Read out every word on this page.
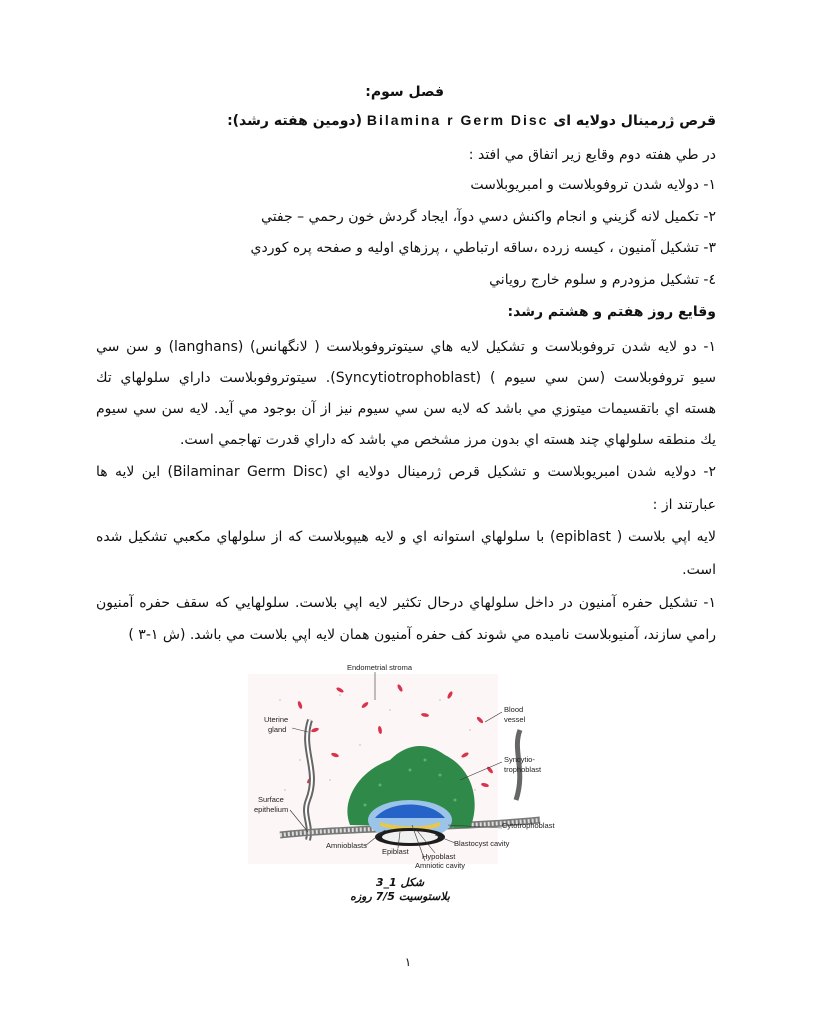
فصل سوم:
قرص ژرمینال دولایه ای Bilamina r Germ Disc (دومین هفته رشد):
در طي هفته دوم وقايع زير اتفاق مي افتد :
١- دولايه شدن تروفوبلاست و امبريوبلاست
٢- تكميل لانه گزيني و انجام واكنش دسي دوآ، ايجاد گردش خون رحمي – جفتي
٣- تشكيل آمنيون ، كيسه زرده ،ساقه ارتباطي ، پرزهاي اوليه و صفحه پره كوردي
٤- تشكيل مزودرم و سلوم خارج روياني
وقايع روز هفتم و هشتم رشد:
١- دو لايه شدن تروفوبلاست و تشكيل لايه هاي سيتوتروفوبلاست ( لانگهانس) (langhans) و سن سي
سيو تروفوبلاست (سن سي سيوم ) (Syncytiotrophoblast). سيتوتروفوبلاست داراي سلولهاي تك
هسته اي باتقسيمات ميتوزي مي باشد كه لايه سن سي سيوم نيز از آن بوجود مي آيد. لايه سن سي سيوم
يك منطقه سلولهاي چند هسته اي بدون مرز مشخص مي باشد كه داراي قدرت تهاجمي است.
٢- دولايه شدن امبريوبلاست و تشكيل قرص ژرمينال دولايه اي (Bilaminar Germ Disc) اين لايه ها
عبارتند از :
لايه اپي بلاست ( epiblast) با سلولهاي استوانه اي و لايه هيپوبلاست كه از سلولهاي مكعبي تشكيل شده
است.
١- تشكيل حفره آمنيون در داخل سلولهاي درحال تكثير لايه اپي بلاست. سلولهايي كه سقف حفره آمنيون
رامي سازند، آمنيوبلاست ناميده مي شوند كف حفره آمنيون همان لايه اپي بلاست مي باشد. (ش ١-٣ )
Endometrial stroma
Uterine
gland
Blood
vessel
Syncytio-
trophoblast
Surface
epithelium
Cytotrophoblast
Amnioblasts
Epiblast
Blastocyst cavity
Hypoblast
Amniotic cavity
شكل 1_3
بلاستوسيت 7/5 روزه
١
